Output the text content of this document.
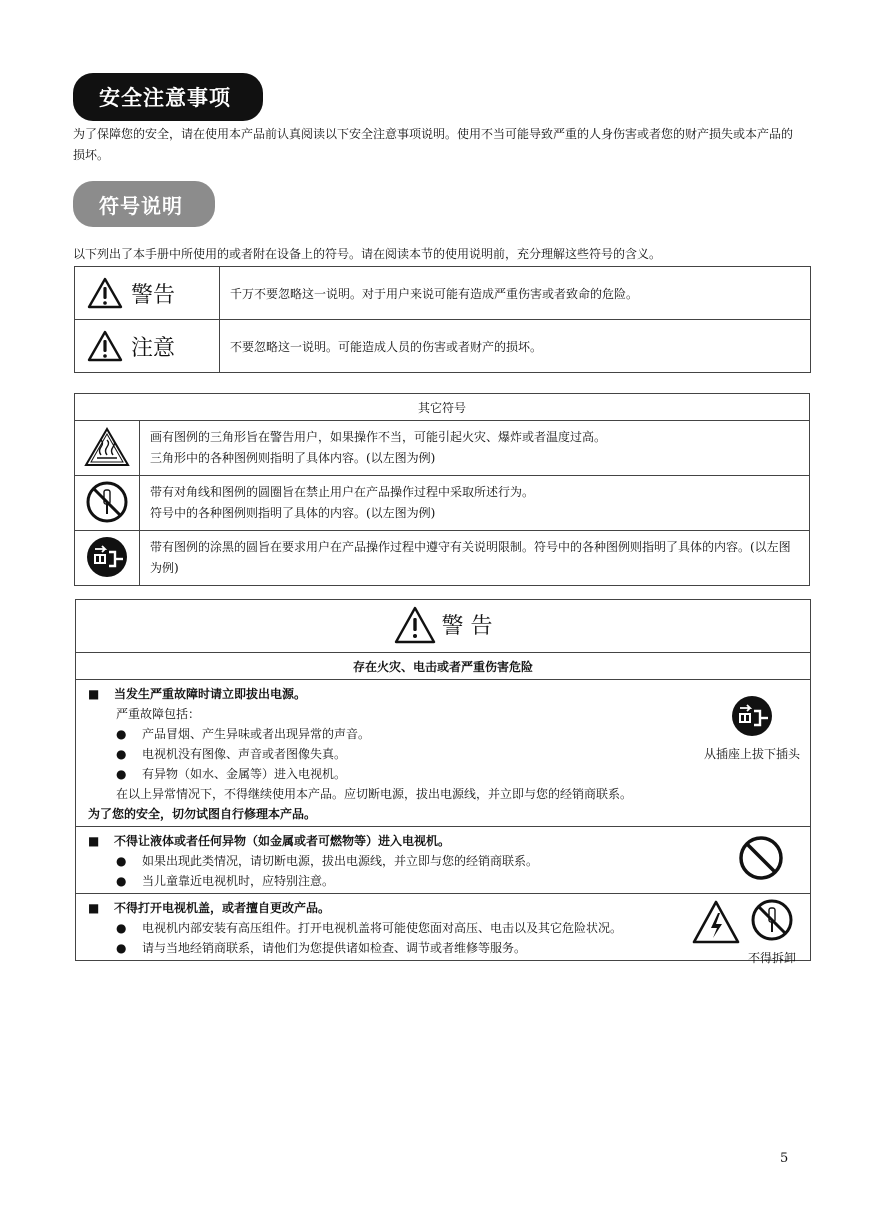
安全注意事项
为了保障您的安全，请在使用本产品前认真阅读以下安全注意事项说明。使用不当可能导致严重的人身伤害或者您的财产损失或本产品的损坏。
符号说明
以下列出了本手册中所使用的或者附在设备上的符号。请在阅读本节的使用说明前，充分理解这些符号的含义。
警告	千万不要忽略这一说明。对于用户来说可能有造成严重伤害或者致命的危险。

注意	不要忽略这一说明。可能造成人员的伤害或者财产的损坏。
其它符号	

画有图例的三角形旨在警告用户，如果操作不当，可能引起火灾、爆炸或者温度过高。
三角形中的各种图例则指明了具体内容。(以左图为例)

带有对角线和图例的圆圈旨在禁止用户在产品操作过程中采取所述行为。
符号中的各种图例则指明了具体的内容。(以左图为例)

带有图例的涂黑的圆旨在要求用户在产品操作过程中遵守有关说明限制。符号中的各种图例则指明了具体的内容。(以左图为例)
警 告

存在火灾、电击或者严重伤害危险

■ 当发生严重故障时请立即拔出电源。
严重故障包括：
● 产品冒烟、产生异味或者出现异常的声音。
● 电视机没有图像、声音或者图像失真。
● 有异物（如水、金属等）进入电视机。
在以上异常情况下，不得继续使用本产品。应切断电源，拔出电源线，并立即与您的经销商联系。
为了您的安全，切勿试图自行修理本产品。
从插座上拔下插头

■ 不得让液体或者任何异物（如金属或者可燃物等）进入电视机。
● 如果出现此类情况，请切断电源，拔出电源线，并立即与您的经销商联系。
● 当儿童靠近电视机时，应特别注意。

■ 不得打开电视机盖，或者擅自更改产品。
● 电视机内部安装有高压组件。打开电视机盖将可能使您面对高压、电击以及其它危险状况。
● 请与当地经销商联系，请他们为您提供诸如检查、调节或者维修等服务。
不得拆卸
5
